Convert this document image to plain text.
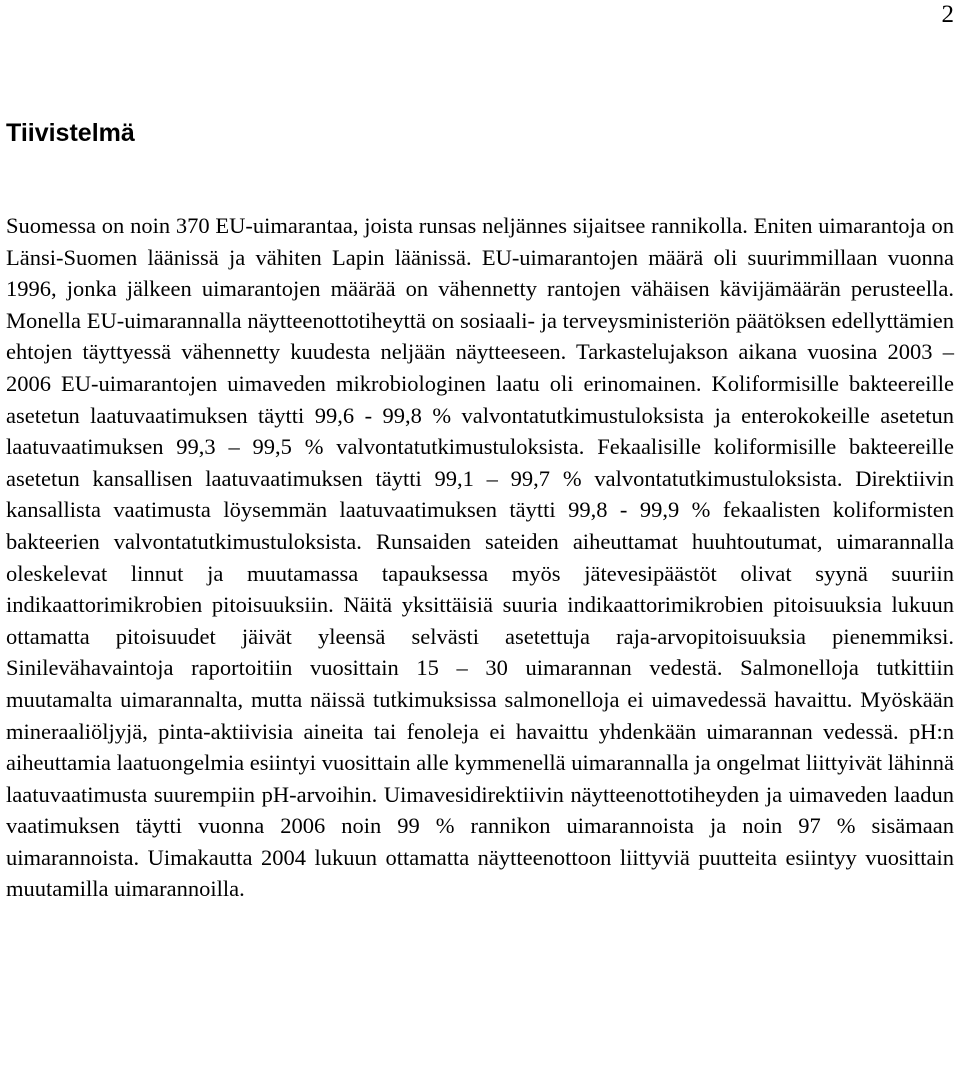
2
Tiivistelmä

Suomessa on noin 370 EU-uimarantaa, joista runsas neljännes sijaitsee rannikolla. Eniten uimarantoja on Länsi-Suomen läänissä ja vähiten Lapin läänissä. EU-uimarantojen määrä oli suurimmillaan vuonna 1996, jonka jälkeen uimarantojen määrää on vähennetty rantojen vähäisen kävijämäärän perusteella. Monella EU-uimarannalla näytteenottotiheyttä on sosiaali- ja terveysministeriön päätöksen edellyttämien ehtojen täyttyessä vähennetty kuudesta neljään näytteeseen. Tarkastelujakson aikana vuosina 2003 – 2006 EU-uimarantojen uimaveden mikrobiologinen laatu oli erinomainen. Koliformisille bakteereille asetetun laatuvaatimuksen täytti 99,6 - 99,8 % valvontatutkimustuloksista ja enterokokeille asetetun laatuvaatimuksen 99,3 – 99,5 % valvontatutkimustuloksista. Fekaalisille koliformisille bakteereille asetetun kansallisen laatuvaatimuksen täytti 99,1 – 99,7 % valvontatutkimustuloksista. Direktiivin kansallista vaatimusta löysemmän laatuvaatimuksen täytti 99,8 - 99,9 % fekaalisten koliformisten bakteerien valvontatutkimustuloksista. Runsaiden sateiden aiheuttamat huuhtoutumat, uimarannalla oleskelevat linnut ja muutamassa tapauksessa myös jätevesipäästöt olivat syynä suuriin indikaattorimikrobien pitoisuuksiin. Näitä yksittäisiä suuria indikaattorimikrobien pitoisuuksia lukuun ottamatta pitoisuudet jäivät yleensä selvästi asetettuja raja-arvopitoisuuksia pienemmiksi. Sinilevähavaintoja raportoitiin vuosittain 15 – 30 uimarannan vedestä. Salmonelloja tutkittiin muutamalta uimarannalta, mutta näissä tutkimuksissa salmonelloja ei uimavedessä havaittu. Myöskään mineraaliöljyjä, pinta-aktiivisia aineita tai fenoleja ei havaittu yhdenkään uimarannan vedessä. pH:n aiheuttamia laatuongelmia esiintyi vuosittain alle kymmenellä uimarannalla ja ongelmat liittyivät lähinnä laatuvaatimusta suurempiin pH-arvoihin. Uimavesidirektiivin näytteenottotiheyden ja uimaveden laadun vaatimuksen täytti vuonna 2006 noin 99 % rannikon uimarannoista ja noin 97 % sisämaan uimarannoista. Uimakautta 2004 lukuun ottamatta näytteenottoon liittyviä puutteita esiintyy vuosittain muutamilla uimarannoilla.
